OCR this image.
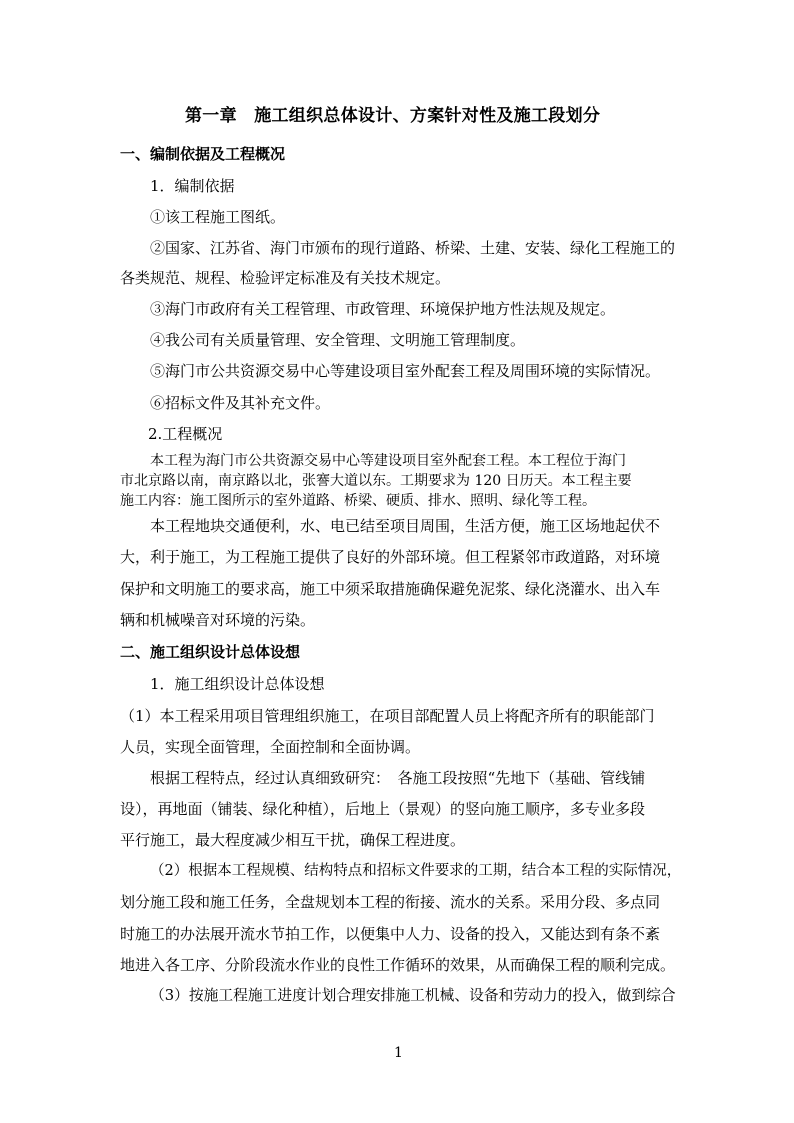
第一章　施工组织总体设计、方案针对性及施工段划分
一、编制依据及工程概况
1．编制依据
①该工程施工图纸。
②国家、江苏省、海门市颁布的现行道路、桥梁、土建、安装、绿化工程施工的
各类规范、规程、检验评定标准及有关技术规定。
③海门市政府有关工程管理、市政管理、环境保护地方性法规及规定。
④我公司有关质量管理、安全管理、文明施工管理制度。
⑤海门市公共资源交易中心等建设项目室外配套工程及周围环境的实际情况。
⑥招标文件及其补充文件。
2.工程概况
本工程为海门市公共资源交易中心等建设项目室外配套工程。本工程位于海门
市北京路以南，南京路以北，张謇大道以东。工期要求为 120 日历天。本工程主要
施工内容：施工图所示的室外道路、桥梁、硬质、排水、照明、绿化等工程。
本工程地块交通便利，水、电已结至项目周围，生活方便，施工区场地起伏不
大，利于施工，为工程施工提供了良好的外部环境。但工程紧邻市政道路，对环境
保护和文明施工的要求高，施工中须采取措施确保避免泥浆、绿化浇灌水、出入车
辆和机械噪音对环境的污染。
二、施工组织设计总体设想
1．施工组织设计总体设想
（1）本工程采用项目管理组织施工，在项目部配置人员上将配齐所有的职能部门
人员，实现全面管理，全面控制和全面协调。
根据工程特点，经过认真细致研究：　各施工段按照“先地下（基础、管线铺
设），再地面（铺装、绿化种植），后地上（景观）的竖向施工顺序，多专业多段
平行施工，最大程度减少相互干扰，确保工程进度。
（2）根据本工程规模、结构特点和招标文件要求的工期，结合本工程的实际情况，
划分施工段和施工任务，全盘规划本工程的衔接、流水的关系。采用分段、多点同
时施工的办法展开流水节拍工作，以便集中人力、设备的投入，又能达到有条不紊
地进入各工序、分阶段流水作业的良性工作循环的效果，从而确保工程的顺利完成。
（3）按施工程施工进度计划合理安排施工机械、设备和劳动力的投入，做到综合
1
